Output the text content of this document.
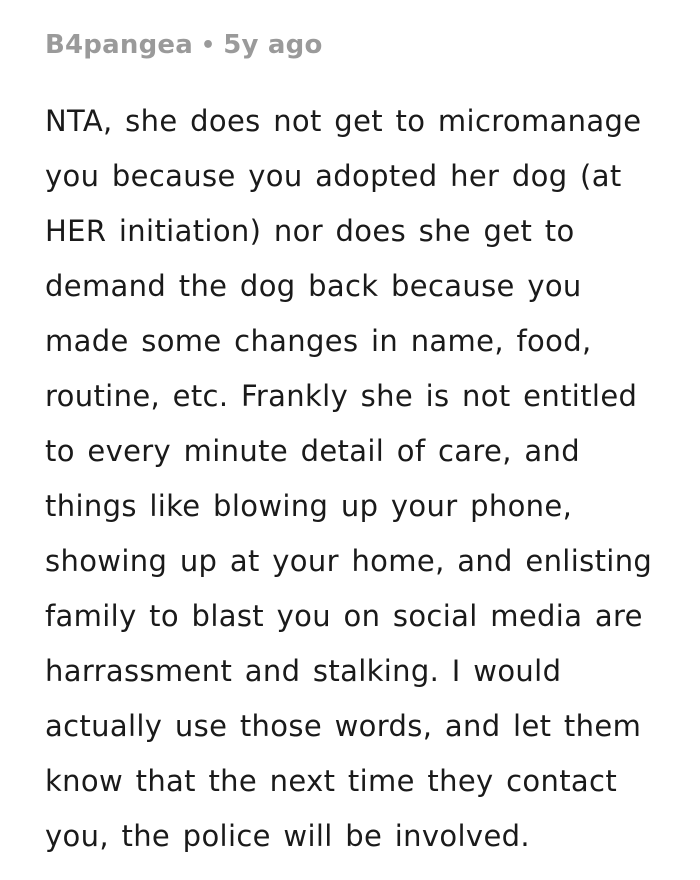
B4pangea • 5y ago
NTA, she does not get to micromanage
you because you adopted her dog (at
HER initiation) nor does she get to
demand the dog back because you
made some changes in name, food,
routine, etc. Frankly she is not entitled
to every minute detail of care, and
things like blowing up your phone,
showing up at your home, and enlisting
family to blast you on social media are
harrassment and stalking. I would
actually use those words, and let them
know that the next time they contact
you, the police will be involved.
